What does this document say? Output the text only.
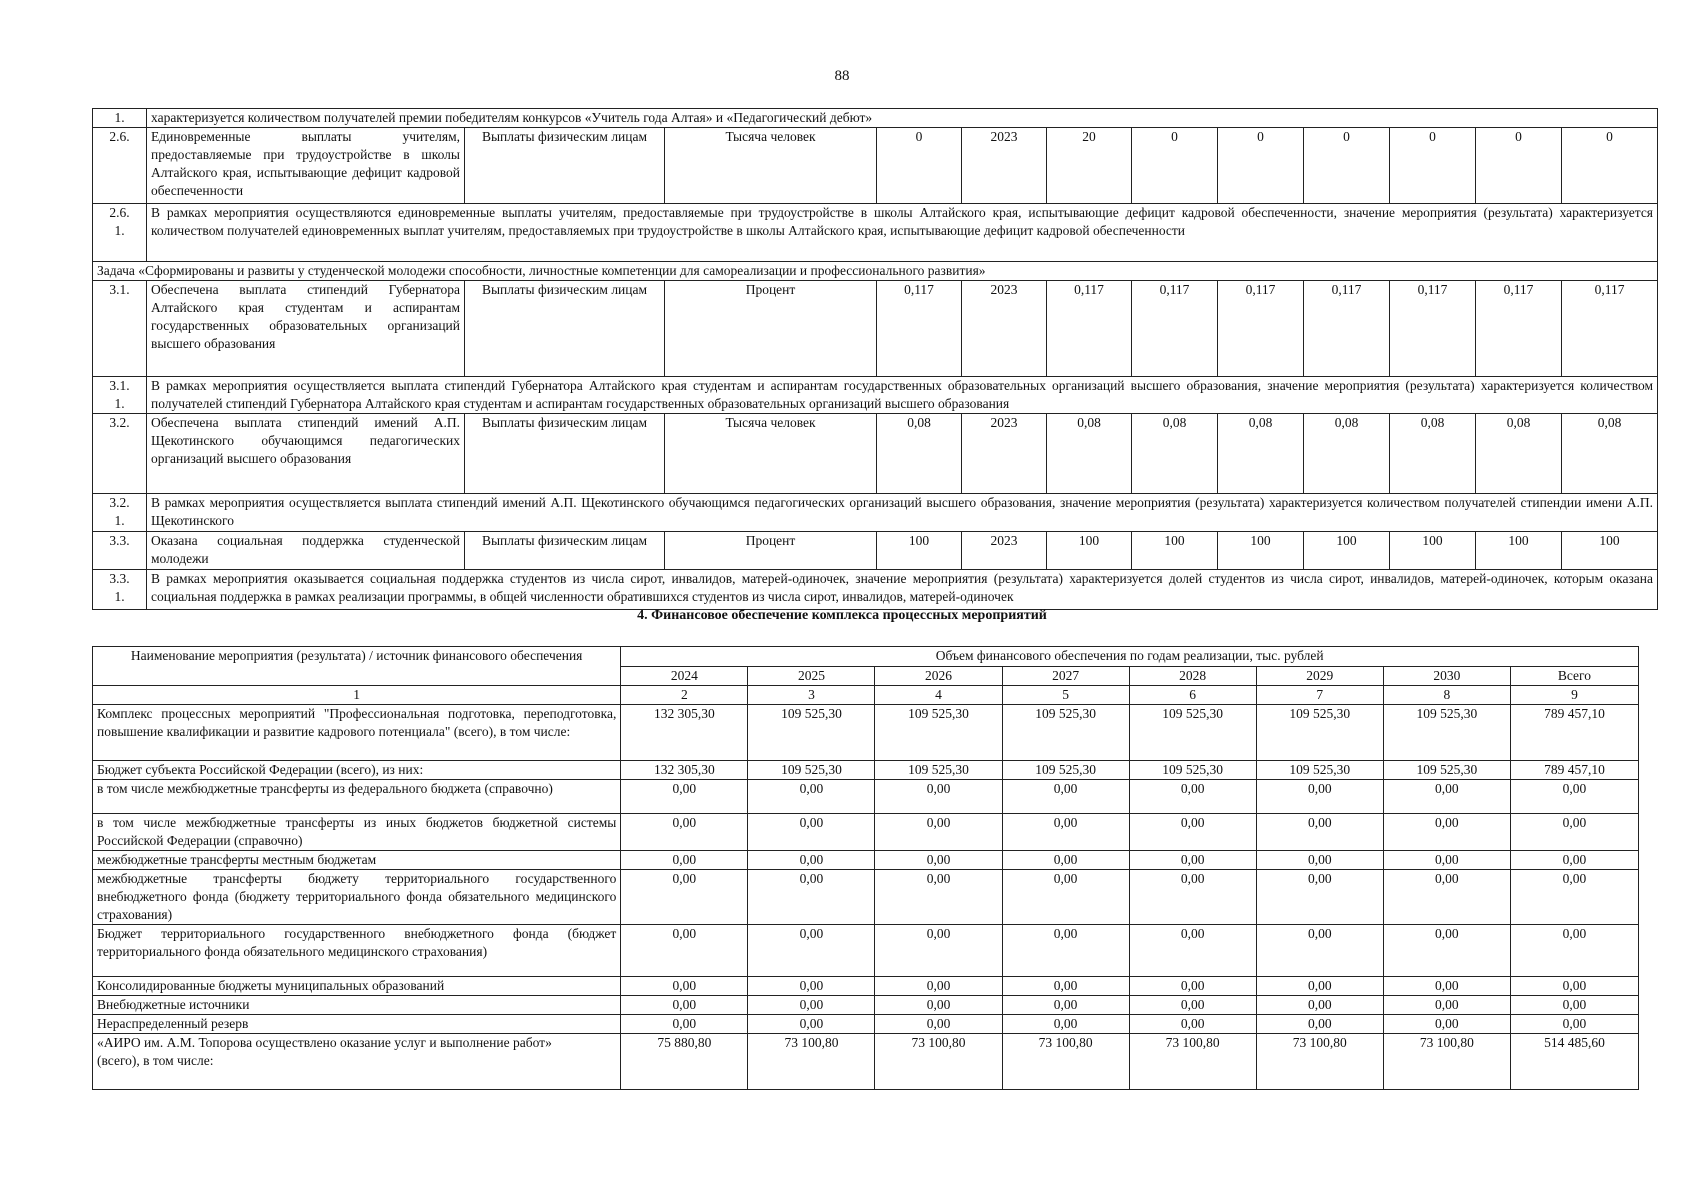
88
1.	характеризуется количеством получателей премии победителям конкурсов «Учитель года Алтая» и «Педагогический дебют»											
2.6.	Единовременные выплаты учителям, предоставляемые при трудоустройстве в школы Алтайского края, испытывающие дефицит кадровой обеспеченности	Выплаты физическим лицам	Тысяча человек	0	2023	20	0	0	0	0	0	0
2.6.
1.	В рамках мероприятия осуществляются единовременные выплаты учителям, предоставляемые при трудоустройстве в школы Алтайского края, испытывающие дефицит кадровой обеспеченности, значение мероприятия (результата) характеризуется количеством получателей единовременных выплат учителям, предоставляемых при трудоустройстве в школы Алтайского края, испытывающие дефицит кадровой обеспеченности											
Задача «Сформированы и развиты у студенческой молодежи способности, личностные компетенции для самореализации и профессионального развития»												
3.1.	Обеспечена выплата стипендий Губернатора Алтайского края студентам и аспирантам государственных образовательных организаций высшего образования	Выплаты физическим лицам	Процент	0,117	2023	0,117	0,117	0,117	0,117	0,117	0,117	0,117
3.1.
1.	В рамках мероприятия осуществляется выплата стипендий Губернатора Алтайского края студентам и аспирантам государственных образовательных организаций высшего образования, значение мероприятия (результата) характеризуется количеством получателей стипендий Губернатора Алтайского края студентам и аспирантам государственных образовательных организаций высшего образования											
3.2.	Обеспечена выплата стипендий имений А.П. Щекотинского обучающимся педагогических организаций высшего образования	Выплаты физическим лицам	Тысяча человек	0,08	2023	0,08	0,08	0,08	0,08	0,08	0,08	0,08
3.2.
1.	В рамках мероприятия осуществляется выплата стипендий имений А.П. Щекотинского обучающимся педагогических организаций высшего образования, значение мероприятия (результата) характеризуется количеством получателей стипендии имени А.П. Щекотинского											
3.3.	Оказана социальная поддержка студенческой молодежи	Выплаты физическим лицам	Процент	100	2023	100	100	100	100	100	100	100
3.3.
1.	В рамках мероприятия оказывается социальная поддержка студентов из числа сирот, инвалидов, матерей-одиночек, значение мероприятия (результата) характеризуется долей студентов из числа сирот, инвалидов, матерей-одиночек, которым оказана социальная поддержка в рамках реализации программы, в общей численности обратившихся студентов из числа сирот, инвалидов, матерей-одиночек											
4. Финансовое обеспечение комплекса процессных мероприятий
Наименование мероприятия (результата) / источник финансового обеспечения	Объем финансового обеспечения по годам реализации, тыс. рублей							
	2024	2025	2026	2027	2028	2029	2030	Всего
1	2	3	4	5	6	7	8	9
Комплекс процессных мероприятий "Профессиональная подготовка, переподготовка, повышение квалификации и развитие кадрового потенциала" (всего), в том числе:	132 305,30	109 525,30	109 525,30	109 525,30	109 525,30	109 525,30	109 525,30	789 457,10
Бюджет субъекта Российской Федерации (всего), из них:	132 305,30	109 525,30	109 525,30	109 525,30	109 525,30	109 525,30	109 525,30	789 457,10
в том числе межбюджетные трансферты из федерального бюджета (справочно)	0,00	0,00	0,00	0,00	0,00	0,00	0,00	0,00
в том числе межбюджетные трансферты из иных бюджетов бюджетной системы Российской Федерации (справочно)	0,00	0,00	0,00	0,00	0,00	0,00	0,00	0,00
межбюджетные трансферты местным бюджетам	0,00	0,00	0,00	0,00	0,00	0,00	0,00	0,00
межбюджетные трансферты бюджету территориального государственного внебюджетного фонда (бюджету территориального фонда обязательного медицинского страхования)	0,00	0,00	0,00	0,00	0,00	0,00	0,00	0,00
Бюджет территориального государственного внебюджетного фонда (бюджет территориального фонда обязательного медицинского страхования)	0,00	0,00	0,00	0,00	0,00	0,00	0,00	0,00
Консолидированные бюджеты муниципальных образований	0,00	0,00	0,00	0,00	0,00	0,00	0,00	0,00
Внебюджетные источники	0,00	0,00	0,00	0,00	0,00	0,00	0,00	0,00
Нераспределенный резерв	0,00	0,00	0,00	0,00	0,00	0,00	0,00	0,00
«АИРО им. А.М. Топорова осуществлено оказание услуг и выполнение работ»
(всего), в том числе:	75 880,80	73 100,80	73 100,80	73 100,80	73 100,80	73 100,80	73 100,80	514 485,60
